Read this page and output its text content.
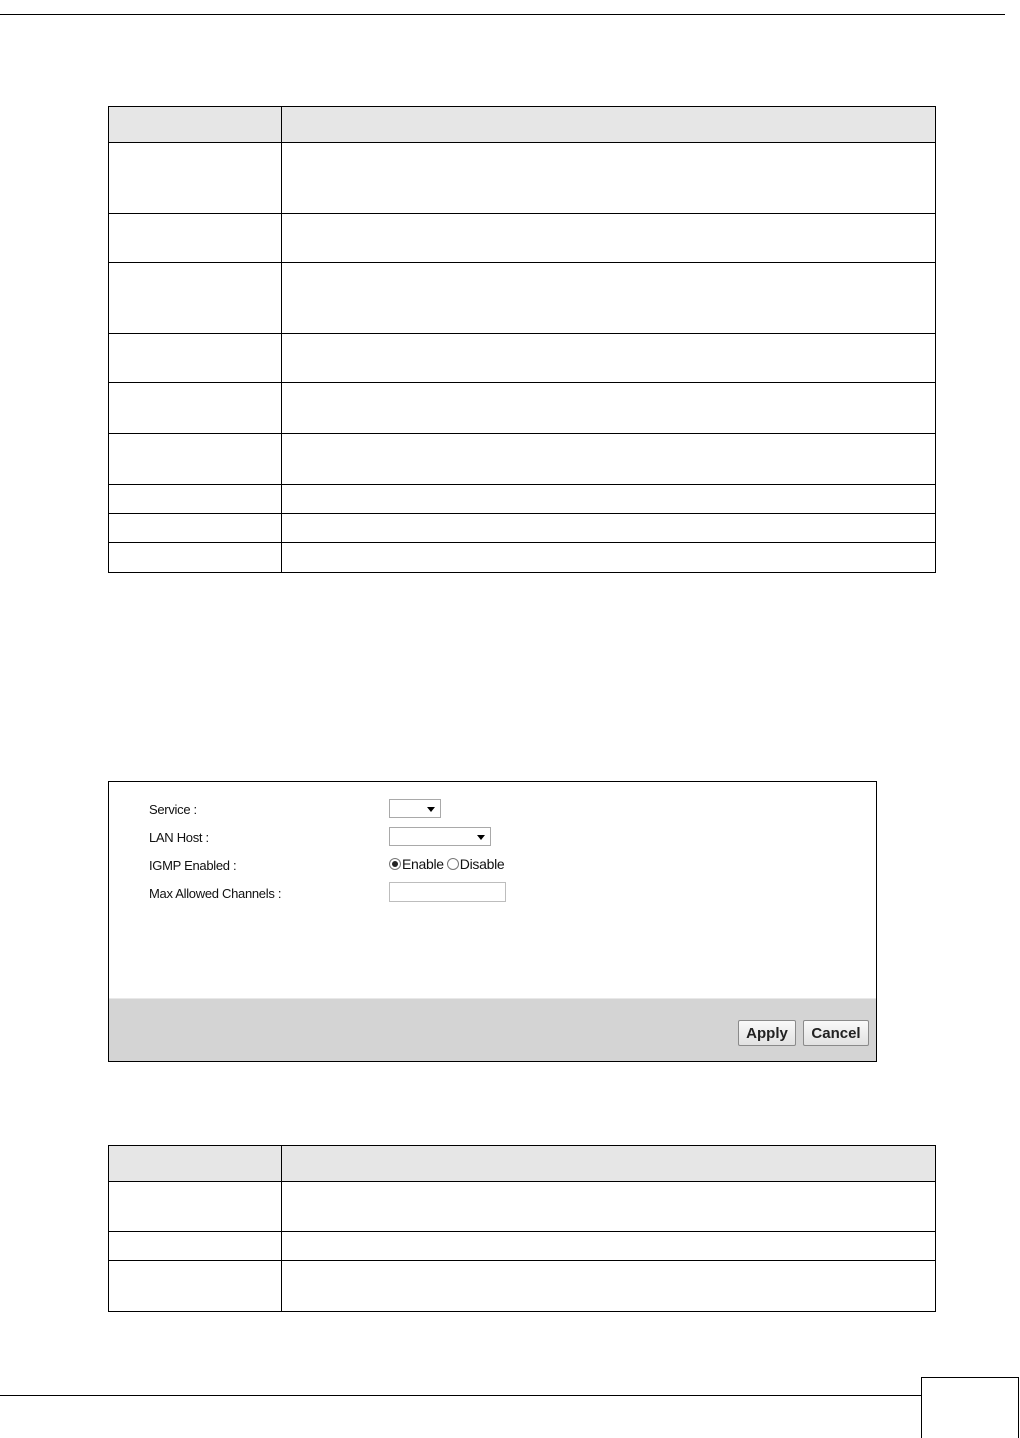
Service :
LAN Host :
IGMP Enabled :	Enable Disable
Max Allowed Channels :
Apply	Cancel
